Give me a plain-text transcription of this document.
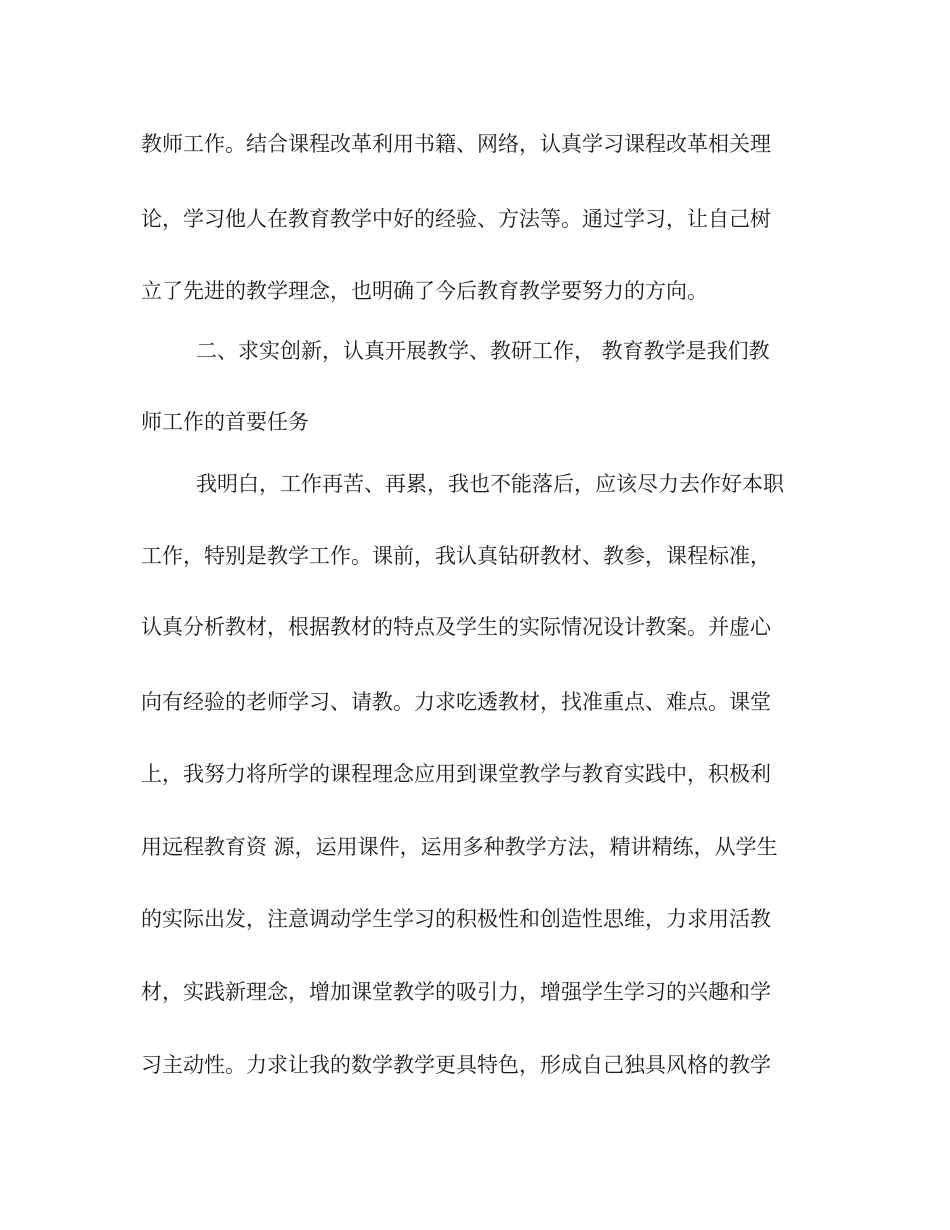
教师工作。结合课程改革利用书籍、网络，认真学习课程改革相关理

论，学习他人在教育教学中好的经验、方法等。通过学习，让自己树

立了先进的教学理念，也明确了今后教育教学要努力的方向。

二、求实创新，认真开展教学、教研工作， 教育教学是我们教

师工作的首要任务

我明白，工作再苦、再累，我也不能落后，应该尽力去作好本职

工作，特别是教学工作。课前，我认真钻研教材、教参，课程标准，

认真分析教材，根据教材的特点及学生的实际情况设计教案。并虚心

向有经验的老师学习、请教。力求吃透教材，找准重点、难点。课堂

上，我努力将所学的课程理念应用到课堂教学与教育实践中，积极利

用远程教育资 源，运用课件，运用多种教学方法，精讲精练，从学生

的实际出发，注意调动学生学习的积极性和创造性思维，力求用活教

材，实践新理念，增加课堂教学的吸引力，增强学生学习的兴趣和学

习主动性。力求让我的数学教学更具特色，形成自己独具风格的教学
